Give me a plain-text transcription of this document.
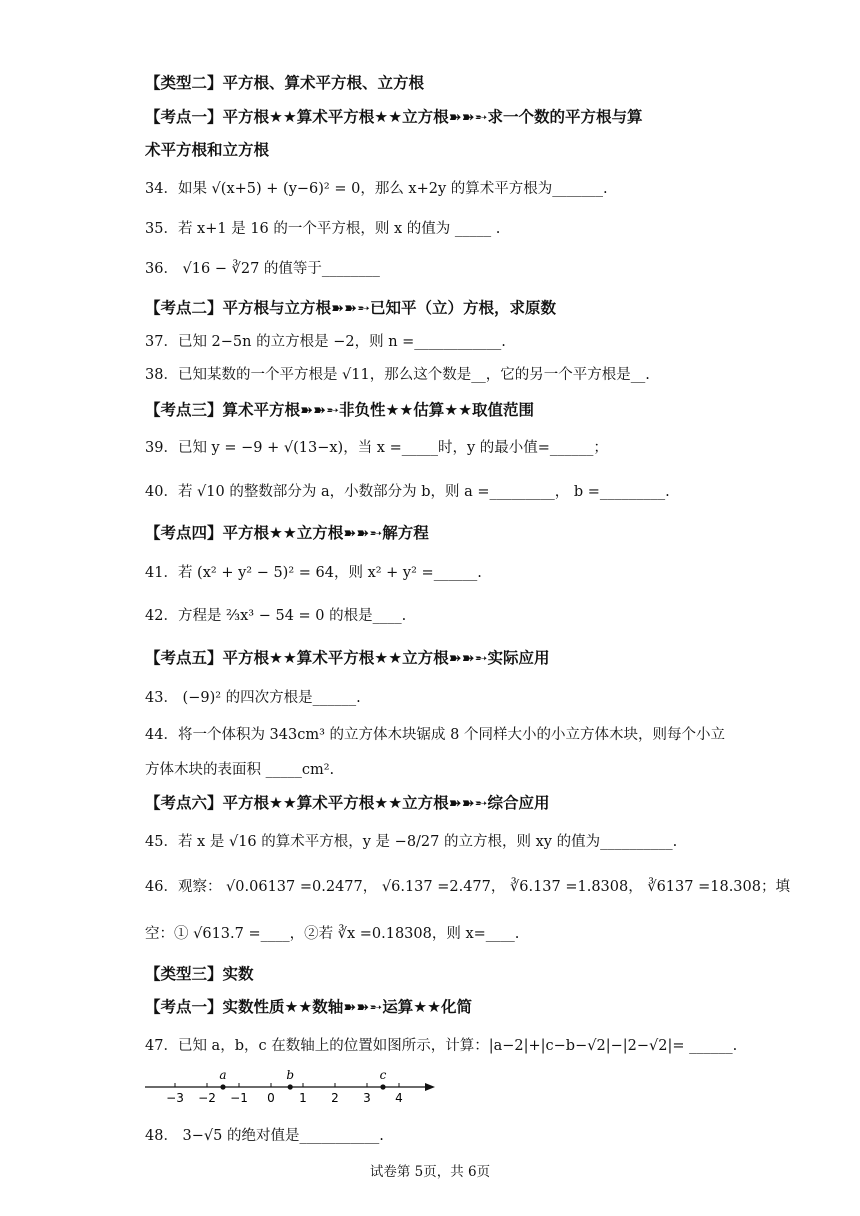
【类型二】平方根、算术平方根、立方根
【考点一】平方根★★算术平方根★★立方根➽➽➵求一个数的平方根与算
术平方根和立方根
34．如果 √(x+5) + (y−6)² = 0，那么 x+2y 的算术平方根为_______.
35．若 x+1 是 16 的一个平方根，则 x 的值为 _____ .
36． √16 − ∛27 的值等于________
【考点二】平方根与立方根➽➽➵已知平（立）方根，求原数
37．已知 2−5n 的立方根是 −2，则 n =____________.
38．已知某数的一个平方根是 √11，那么这个数是__，它的另一个平方根是__.
【考点三】算术平方根➽➽➵非负性★★估算★★取值范围
39．已知 y = −9 + √(13−x)，当 x =_____时，y 的最小值=______；
40．若 √10 的整数部分为 a，小数部分为 b，则 a =_________， b =_________.
【考点四】平方根★★立方根➽➽➵解方程
41．若 (x² + y² − 5)² = 64，则 x² + y² =______.
42．方程是 ⅔x³ − 54 = 0 的根是____.
【考点五】平方根★★算术平方根★★立方根➽➽➵实际应用
43． (−9)² 的四次方根是______.
44．将一个体积为 343cm³ 的立方体木块锯成 8 个同样大小的小立方体木块，则每个小立
方体木块的表面积 _____cm².
【考点六】平方根★★算术平方根★★立方根➽➽➵综合应用
45．若 x 是 √16 的算术平方根，y 是 −8/27 的立方根，则 xy 的值为__________.
46．观察： √0.06137 =0.2477， √6.137 =2.477， ∛6.137 =1.8308， ∛6137 =18.308；填
空：① √613.7 =____，②若 ∛x =0.18308，则 x=____.
【类型三】实数
【考点一】实数性质★★数轴➽➽➵运算★★化简
47．已知 a，b，c 在数轴上的位置如图所示，计算：|a−2|+|c−b−√2|−|2−√2|= ______.
−3 −2 −1 0 1 2 3 4
a	b	c
48． 3−√5 的绝对值是___________.
试卷第 5页，共 6页
